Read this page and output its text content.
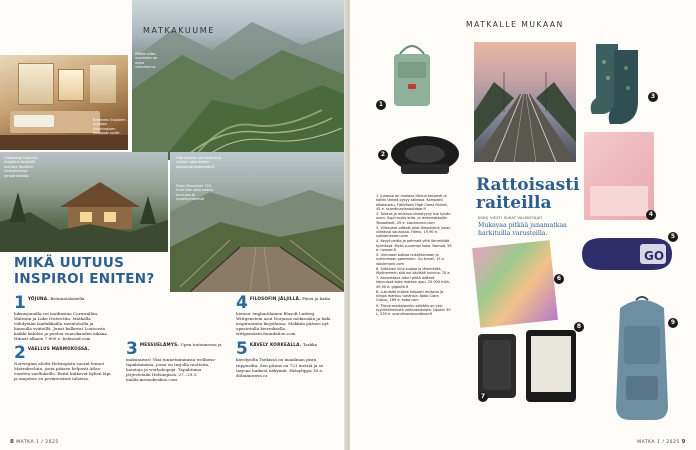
Britannic Explorer -junassa ylivoimaisen mukavat sviitit.
MATKAKUUME
Pitkän Altai-vuoriston on upea vaikutelma.
Glamping huipulla, majoitus keskellä luontoa Nordicin rauhallisessa ympäristössä.
Olla toiveen perinnönä ja uuteen ajatukseen palvelujärjestelmänä.
Doini Mountain 725-metrinen silta osana kuuluisa jo vuosikymmeniä
MIKÄ UUTUUS
INSPIROI ENITEN?
1 YÖJUNA. Britannialaisella luksusjunalla voi matkustaa Cornwalliin, Walesiin ja Lake Districtiin. Matkalla viihdytään laadukkailla ravintoloilla ja hienoilla sviiteillä. Junat kulkevat Lontoosta kaikki kahden ja puolen vuorokauden aikana. Hinnat alkaen 7 800 e. belmond.com
2 VAELLUS MARMOKOSSA. Norwegian aloitti Helsingistä suorat lennot Marrakechiin, josta pääsee helposti Atlas-vuorten vaelluksille. Reitit kulkevat kylien läpi ja majoitus on perinteisissä taloissa.
3 MESSUELÄMYS. Upea tuotemessu ja makutaivas! Yksi tunnetuimmista wellness-tapahtumista, jossa on tarjolla tuotteita, luentoja ja workshopeja. Tapahtuma järjestetään Helsingissä. 27.–29.3. mailis.messukeskus.com
4 FILOSOFIN JÄLJILLÄ. Päivä ja kaksi hienoa: englantilainen filosofi Ludwig Wittgenstein asui Norjassa mökissään ja haki inspiraatiota kirjoihinsa. Mökkiin pääsee nyt opastetulla kierroksella. wittgenstein.foundation.com
5 KÄVELY KORKEALLA. Tarkka kävelysilta Tsekissä on maailman pisin riippusilta. Sen pituus on 721 metriä ja se tarjoaa huikeat näkymät. Pääsylippu 16 e. dolnimorava.cz
8 MATKA 1 / 2025
MATKALLE MUKAAN
1
2

1. Junassa on mukava liikkua kevyesti ja kaikki tärkeä pysyy tallessa. Kompakti olkalaukku, Fjällräven High Coast Pocket, 45 e. scandinavianoutdoor.fi

2. Tukeva ja mukava niskatyyny tuo hyvän unen. Sopii myös auto- ja lentomatkoille. Yövaatteet, 25 e. stockmann.com

3. Villasukat pitävät jalat lämpöisinä junan viileässä vaunussa. Hilmu, 19,90 e. sukkamestari.com

4. Kevyt peitto ja pehmeä viltti lämmittää kylmässä. Myös suurempi koko. Nomad, 59 e. nomad.fi

5. Unimaski auttaa nukahtamaan ja nukkumaan paremmin. Go travel, 15 e. stockmann.com

6. Silkkinen liina suojaa ja lämmittää. Myöhemmin sitä voi käyttää huivina. 70 e.

7. Kannettava laturi pitää laitteet käynnissä koko matkan ajan. 20 000 mAh, 49,90 e. gigantti.fi

8. Lukulaite kulkee helposti mukana ja kirjoja mahtuu tuhansia. Kobo Clara Colour, 169 e. kobo.com

9. Tilava matkalaukku selkään on yksi tyylikkäimmistä vaihtoehdoista. Deuter 30 L, 239 e. scandinavianoutdoor.fi

Rattoisasti
raiteilla
KOKO VIESTI SUKAT VALMISTAJAT
Mukavaa pitkää junamatkaa harkituilla varusteilla.
3
4
GO
5
6
7
8
9
MATKA 1 / 2025 9
